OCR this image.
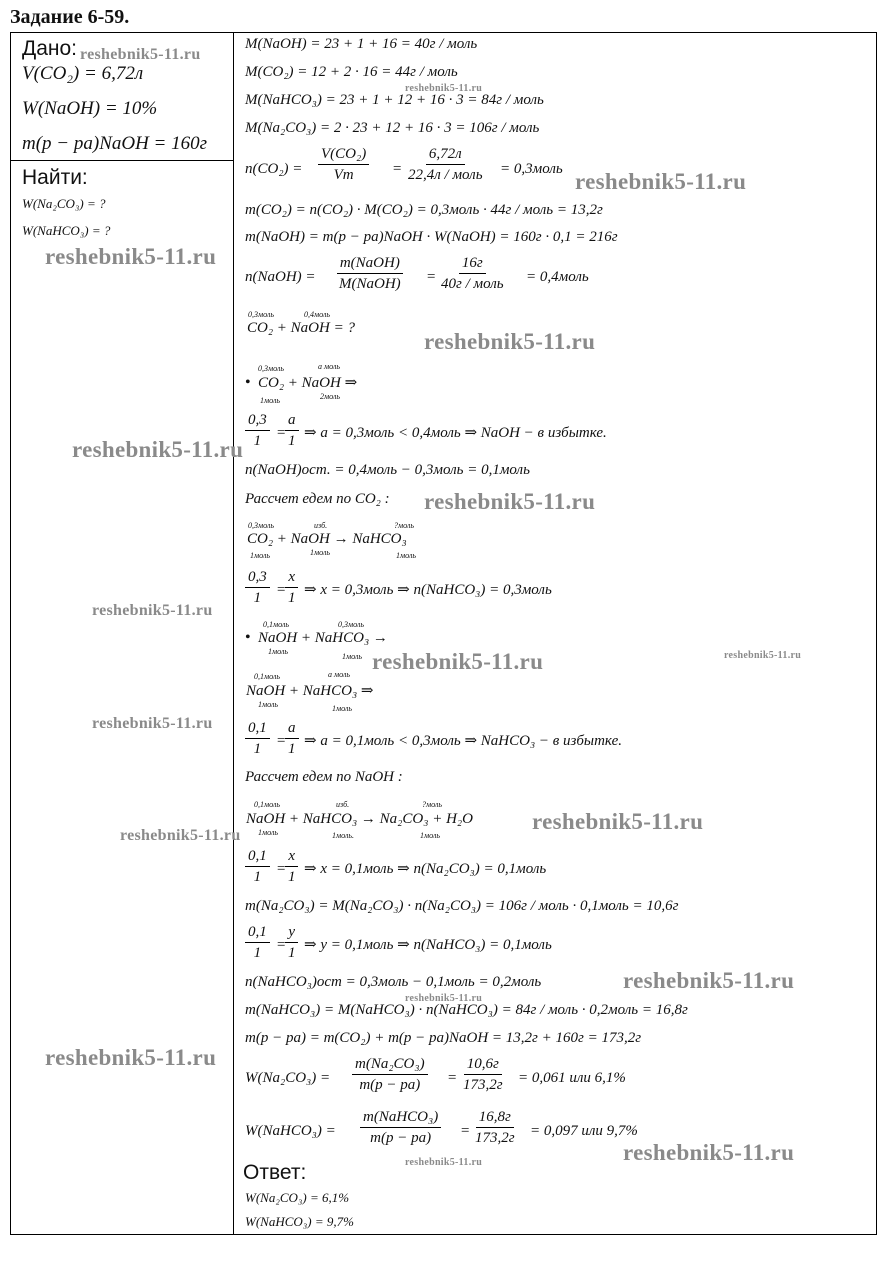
Задание 6-59.
Дано:
V(CO₂) = 6,72л
W(NaOH) = 10%
m(p − pa)NaOH = 160г
Найти:
W(Na₂CO₃) = ?
W(NaHCO₃) = ?
M(NaOH) = 23 + 1 + 16 = 40г / моль
M(CO₂) = 12 + 2 · 16 = 44г / моль
M(NaHCO₃) = 23 + 1 + 12 + 16 · 3 = 84г / моль
M(Na₂CO₃) = 2 · 23 + 12 + 16 · 3 = 106г / моль
$n(CO_2) = \frac{\text{V(CO₂)}}{Vm}$ =
6,72л
22,4л / моль = 0,3моль
m(CO₂) = n(CO₂) · M(CO₂) = 0,3моль · 44г / моль = 13,2г
m(NaOH) = m(p − pa)NaOH · W(NaOH) = 160г · 0,1 = 216г
n(NaOH) =
m(NaOH)
M(NaOH) =
16г
40г / моль = 0,4моль
0,3моль	0,4моль
CO₂ + NaOH = ?
0,3моль	a моль
• CO₂ + NaOH ⇒
1моль	2моль
$\frac{0,3}{1}$ =
$\frac{a}{1}$ ⇒ a = 0,3моль < 0,4моль ⇒ NaOH − в избытке.
n(NaOH)ост. = 0,4моль − 0,3моль = 0,1моль
Рассчет едем по CO₂ :
0,3моль	изб.	?моль
CO₂ + NaOH → NaHCO₃
1моль	1моль	1моль
$\frac{0,3}{1}$ =
$\frac{x}{1}$ ⇒ x = 0,3моль ⇒ n(NaHCO₃) = 0,3моль
0,1моль	0,3моль
• NaOH + NaHCO₃ →
1моль
1моль
0,1моль	a моль
NaOH + NaHCO₃ ⇒
1моль	1моль
$\frac{0,1}{1}$ =
$\frac{a}{1}$ ⇒ a = 0,1моль < 0,3моль ⇒ NaHCO₃ − в избытке.
Рассчет едем по NaOH :
0,1моль	изб.	?моль
NaOH + NaHCO₃ → Na₂CO₃ + H₂O
1моль	1моль.	1моль
$\frac{0,1}{1}$ =
$\frac{x}{1}$ ⇒ x = 0,1моль ⇒ n(Na₂CO₃) = 0,1моль
m(Na₂CO₃) = M(Na₂CO₃) · n(Na₂CO₃) = 106г / моль · 0,1моль = 10,6г
$\frac{0,1}{1}$ =
$\frac{y}{1}$ ⇒ y = 0,1моль ⇒ n(NaHCO₃) = 0,1моль
n(NaHCO₃)ост = 0,3моль − 0,1моль = 0,2моль
m(NaHCO₃) = M(NaHCO₃) · n(NaHCO₃) = 84г / моль · 0,2моль = 16,8г
m(p − pa) = m(CO₂) + m(p − pa)NaOH = 13,2г + 160г = 173,2г
$W(Na_2CO_3) = \frac{\text{m(Na₂CO₃)}}{m(p - pa)}$ =
10,6г
173,2г = 0,061 или 6,1%
W(NaHCO₃) =
m(NaHCO₃)
m(p − pa) =
16,8г
173,2г = 0,097 или 9,7%
Ответ:
W(Na₂CO₃) = 6,1%
W(NaHCO₃) = 9,7%
reshebnik5-11.ru
reshebnik5-11.ru
reshebnik5-11.ru
reshebnik5-11.ru
reshebnik5-11.ru
reshebnik5-11.ru
reshebnik5-11.ru
reshebnik5-11.ru	reshebnik5-11.ru
reshebnik5-11.ru
reshebnik5-11.ru
reshebnik5-11.ru
reshebnik5-11.ru
reshebnik5-11.ru
reshebnik5-11.ru
reshebnik5-11.ru
reshebnik5-11.ru
reshebnik5-11.ru
